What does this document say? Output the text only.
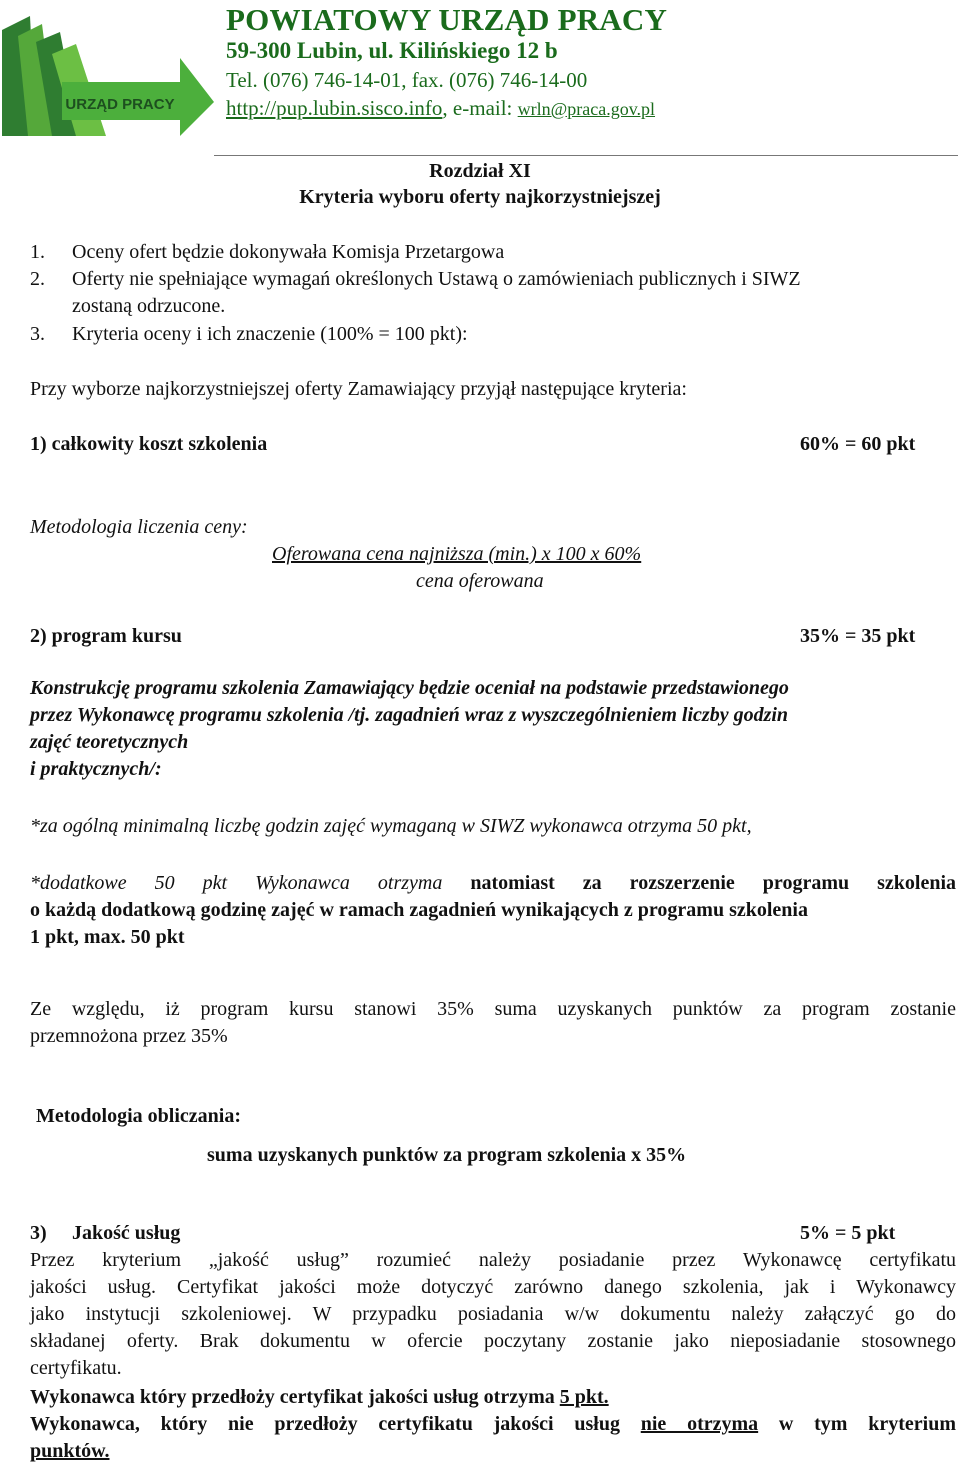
URZĄD PRACY
POWIATOWY URZĄD PRACY
59-300 Lubin, ul. Kilińskiego 12 b
Tel. (076) 746-14-01, fax. (076) 746-14-00
http://pup.lubin.sisco.info, e-mail: wrln@praca.gov.pl
Rozdział XI
Kryteria wyboru oferty najkorzystniejszej
1. Oceny ofert będzie dokonywała Komisja Przetargowa
2. Oferty nie spełniające wymagań określonych Ustawą o zamówieniach publicznych i SIWZ
zostaną odrzucone.
3. Kryteria oceny i ich znaczenie (100% = 100 pkt):
Przy wyborze najkorzystniejszej oferty Zamawiający przyjął następujące kryteria:
1) całkowity koszt szkolenia	60% = 60 pkt
Metodologia liczenia ceny:
Oferowana cena najniższa (min.) x 100 x 60%
cena oferowana
2) program kursu	35% = 35 pkt
Konstrukcję programu szkolenia Zamawiający będzie oceniał na podstawie przedstawionego
przez Wykonawcę programu szkolenia /tj. zagadnień wraz z wyszczególnieniem liczby godzin
zajęć teoretycznych
i praktycznych/:
*za ogólną minimalną liczbę godzin zajęć wymaganą w SIWZ wykonawca otrzyma 50 pkt,
*dodatkowe 50 pkt Wykonawca otrzyma natomiast za rozszerzenie programu szkolenia
o każdą dodatkową godzinę zajęć w ramach zagadnień wynikających z programu szkolenia
1 pkt, max. 50 pkt
Ze względu, iż program kursu stanowi 35% suma uzyskanych punktów za program zostanie
przemnożona przez 35%
Metodologia obliczania:
suma uzyskanych punktów za program szkolenia x 35%
3) Jakość usług	5% = 5 pkt
Przez kryterium „jakość usług” rozumieć należy posiadanie przez Wykonawcę certyfikatu
jakości usług. Certyfikat jakości może dotyczyć zarówno danego szkolenia, jak i Wykonawcy
jako instytucji szkoleniowej. W przypadku posiadania w/w dokumentu należy załączyć go do
składanej oferty. Brak dokumentu w ofercie poczytany zostanie jako nieposiadanie stosownego
certyfikatu.
Wykonawca który przedłoży certyfikat jakości usług otrzyma 5 pkt.
Wykonawca, który nie przedłoży certyfikatu jakości usług nie otrzyma w tym kryterium
punktów.
